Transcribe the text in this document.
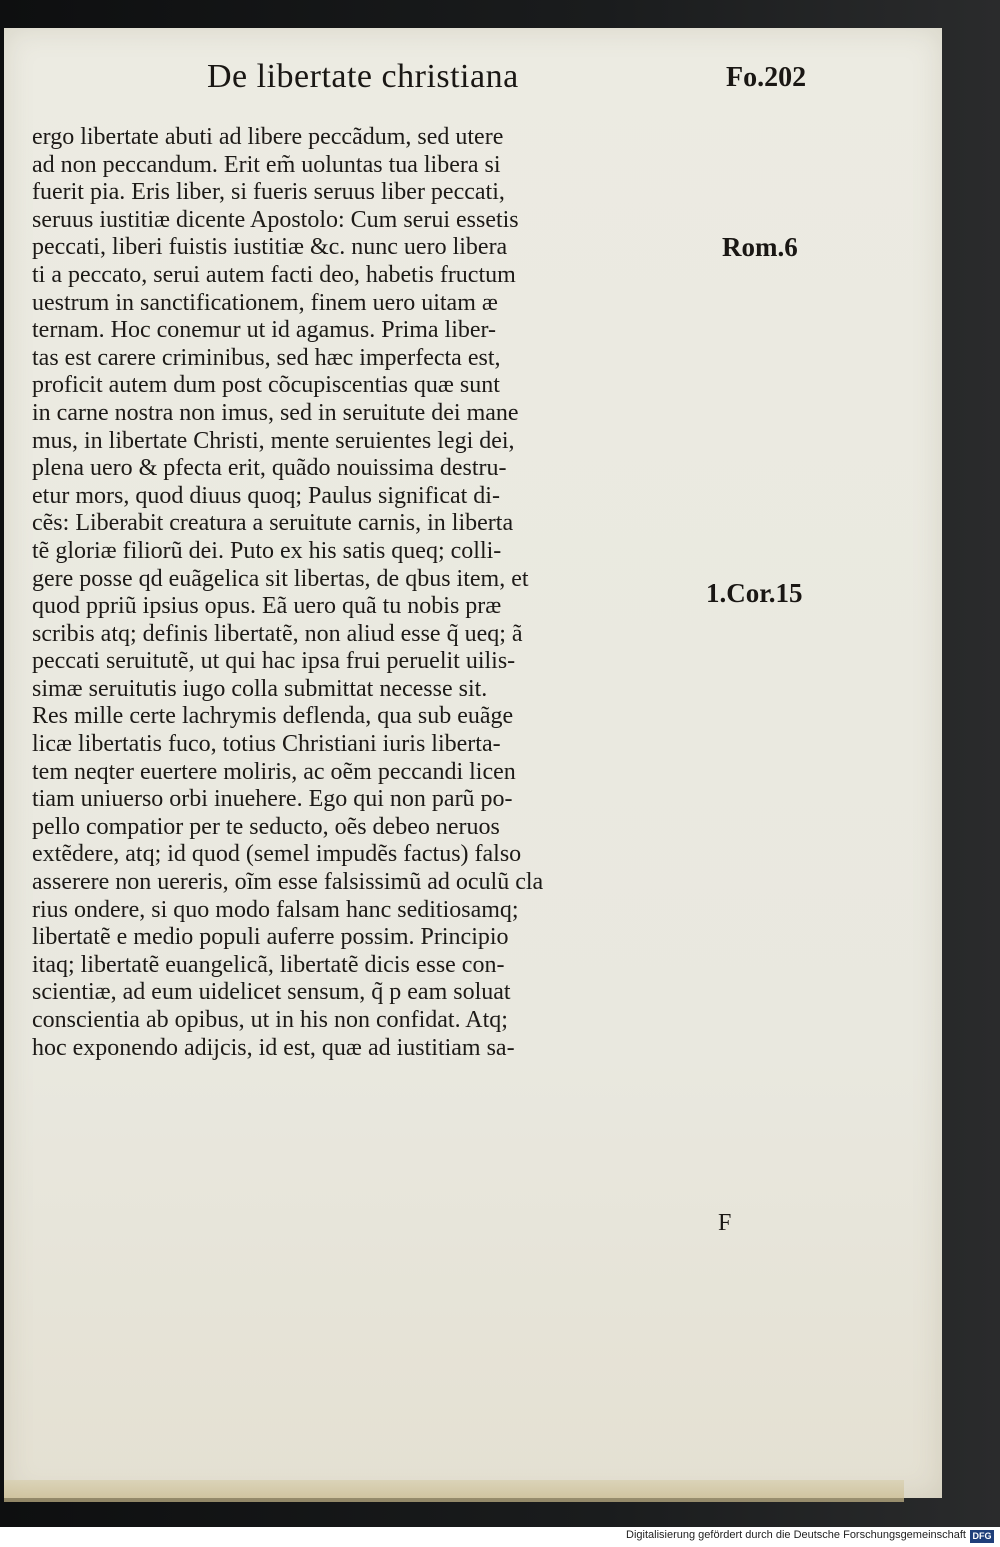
De libertate christiana	Fo.202
ergo libertate abuti ad libere peccãdum, sed utere
ad non peccandum. Erit em̃ uoluntas tua libera si
fuerit pia. Eris liber, si fueris seruus liber peccati,
seruus iustitiæ dicente Apostolo: Cum serui essetis
peccati, liberi fuistis iustitiæ &c. nunc uero libera
ti a peccato, serui autem facti deo, habetis fructum
uestrum in sanctificationem, finem uero uitam æ
ternam. Hoc conemur ut id agamus. Prima liber-
tas est carere criminibus, sed hæc imperfecta est,
proficit autem dum post cõcupiscentias quæ sunt
in carne nostra non imus, sed in seruitute dei mane
mus, in libertate Christi, mente seruientes legi dei,
plena uero & pfecta erit, quãdo nouissima destru-
etur mors, quod diuus quoq; Paulus significat di-
cẽs: Liberabit creatura a seruitute carnis, in liberta
tẽ gloriæ filiorũ dei. Puto ex his satis queq; colli-
gere posse qd euãgelica sit libertas, de qbus item, et
quod ppriũ ipsius opus. Eã uero quã tu nobis præ
scribis atq; definis libertatẽ, non aliud esse q̃ ueq; ã
peccati seruitutẽ, ut qui hac ipsa frui peruelit uilis-
simæ seruitutis iugo colla submittat necesse sit.
Res mille certe lachrymis deflenda, qua sub euãge
licæ libertatis fuco, totius Christiani iuris liberta-
tem neqter euertere moliris, ac oẽm peccandi licen
tiam uniuerso orbi inuehere. Ego qui non parũ po-
pello compatior per te seducto, oẽs debeo neruos
extẽdere, atq; id quod (semel impudẽs factus) falso
asserere non uereris, oĩm esse falsissimũ ad oculũ cla
rius ondere, si quo modo falsam hanc seditiosamq;
libertatẽ e medio populi auferre possim. Principio
itaq; libertatẽ euangelicã, libertatẽ dicis esse con-
scientiæ, ad eum uidelicet sensum, q̃ p eam soluat
conscientia ab opibus, ut in his non confidat. Atq;
hoc exponendo adijcis, id est, quæ ad iustitiam sa-
Rom.6
1.Cor.15
F
Digitalisierung gefördert durch die Deutsche Forschungsgemeinschaft DFG
